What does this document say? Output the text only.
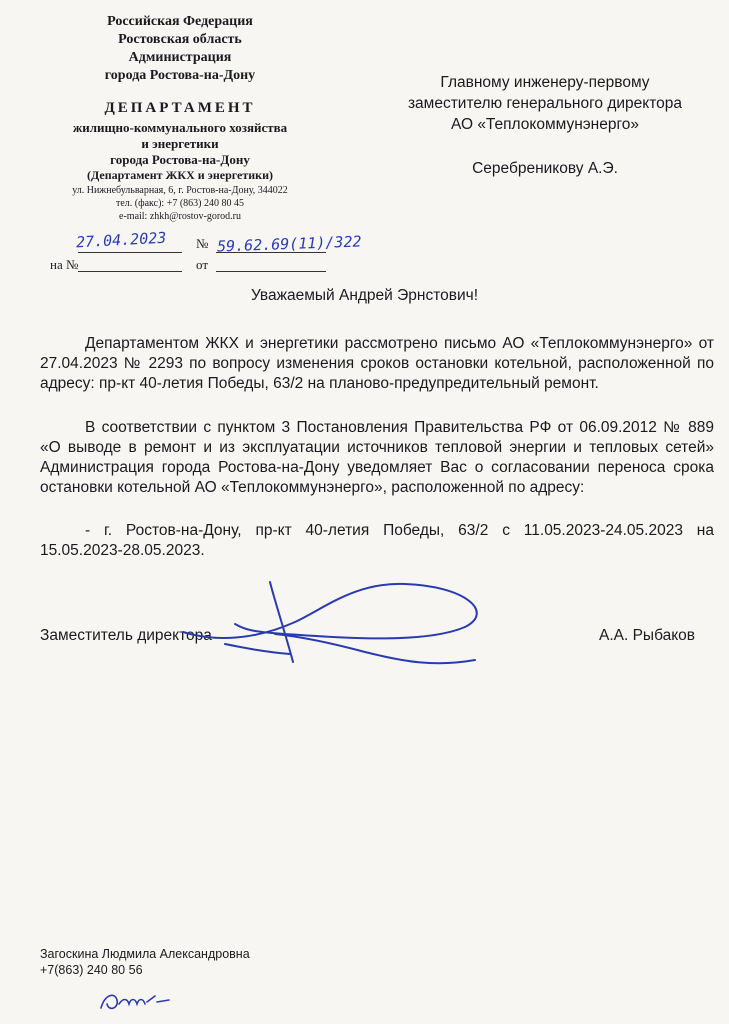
Российская Федерация
Ростовская область
Администрация
города Ростова-на-Дону
ДЕПАРТАМЕНТ
жилищно-коммунального хозяйства
и энергетики
города Ростова-на-Дону
(Департамент ЖКХ и энергетики)
ул. Нижнебульварная, 6, г. Ростов-на-Дону, 344022
тел. (факс): +7 (863) 240 80 45
e-mail: zhkh@rostov-gorod.ru
27.04.2023 № 59.62.69(11)/322
на №	от
Главному инженеру-первому
заместителю генерального директора
АО «Теплокоммунэнерго»
Серебреникову А.Э.
Уважаемый Андрей Эрнстович!
Департаментом ЖКХ и энергетики рассмотрено письмо АО «Теплокоммунэнерго» от 27.04.2023 № 2293 по вопросу изменения сроков остановки котельной, расположенной по адресу: пр-кт 40-летия Победы, 63/2 на планово-предупредительный ремонт.
В соответствии с пунктом 3 Постановления Правительства РФ от 06.09.2012 № 889 «О выводе в ремонт и из эксплуатации источников тепловой энергии и тепловых сетей» Администрация города Ростова-на-Дону уведомляет Вас о согласовании переноса срока остановки котельной АО «Теплокоммунэнерго», расположенной по адресу:
- г. Ростов-на-Дону, пр-кт 40-летия Победы, 63/2 с 11.05.2023-24.05.2023 на 15.05.2023-28.05.2023.
Заместитель директора	А.А. Рыбаков
Загоскина Людмила Александровна
+7(863) 240 80 56
